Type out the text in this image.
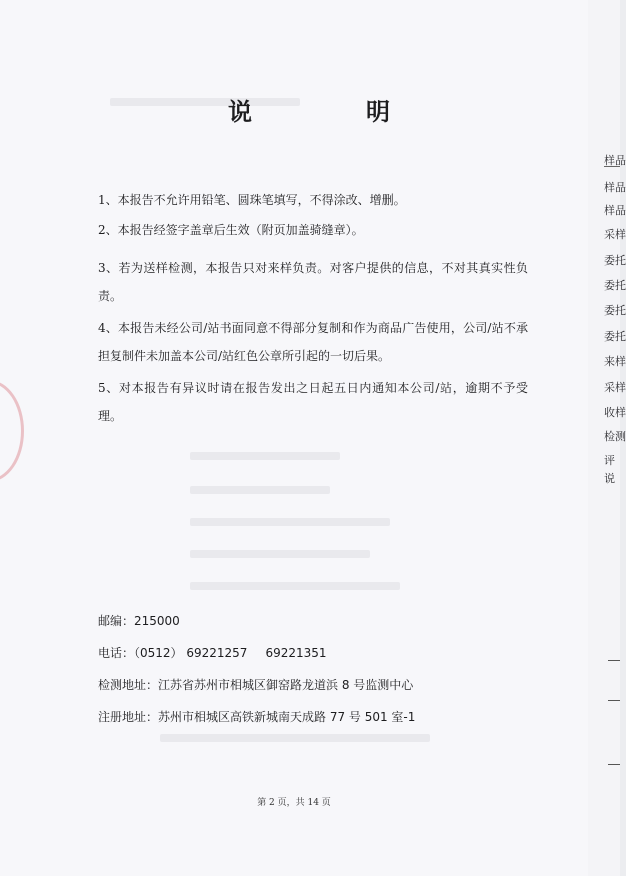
说	明
1、本报告不允许用铅笔、圆珠笔填写，不得涂改、增删。
2、本报告经签字盖章后生效（附页加盖骑缝章）。
3、若为送样检测，本报告只对来样负责。对客户提供的信息，不对其真实性负责。
4、本报告未经公司/站书面同意不得部分复制和作为商品广告使用，公司/站不承担复制件未加盖本公司/站红色公章所引起的一切后果。
5、对本报告有异议时请在报告发出之日起五日内通知本公司/站，逾期不予受理。
邮编：215000
电话：（0512） 69221257 69221351
检测地址：江苏省苏州市相城区御窑路龙道浜 8 号监测中心
注册地址：苏州市相城区高铁新城南天成路 77 号 501 室-1
第 2 页，共 14 页
样品
样品
样品
采样
委托
委托
委托
委托
来样
采样
收样
检测
评
说
